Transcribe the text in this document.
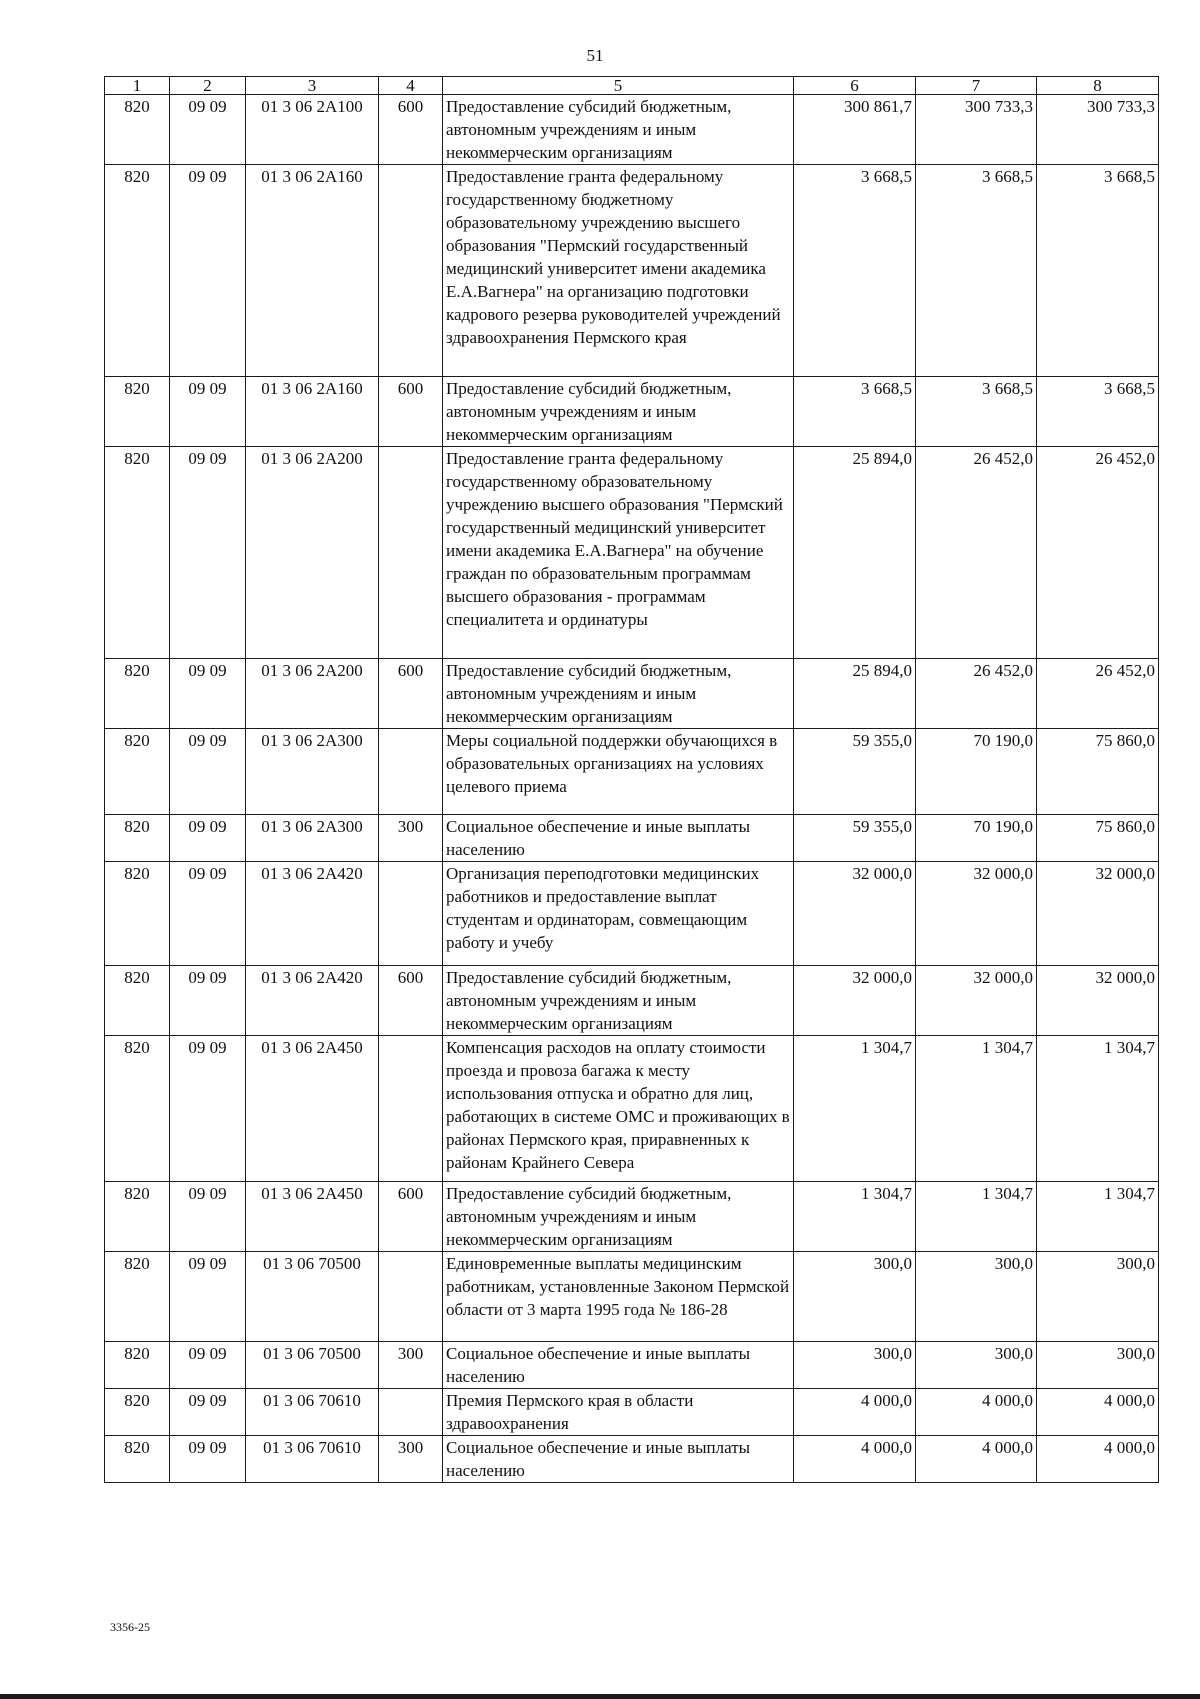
51
1	2	3	4	5	6	7	8
820	09 09	01 3 06 2A100	600	Предоставление субсидий бюджетным, автономным учреждениям и иным некоммерческим организациям	300 861,7	300 733,3	300 733,3
820	09 09	01 3 06 2A160		Предоставление гранта федеральному государственному бюджетному образовательному учреждению высшего образования "Пермский государственный медицинский университет имени академика Е.А.Вагнера" на организацию подготовки кадрового резерва руководителей учреждений здравоохранения Пермского края	3 668,5	3 668,5	3 668,5
820	09 09	01 3 06 2A160	600	Предоставление субсидий бюджетным, автономным учреждениям и иным некоммерческим организациям	3 668,5	3 668,5	3 668,5
820	09 09	01 3 06 2A200		Предоставление гранта федеральному государственному образовательному учреждению высшего образования "Пермский государственный медицинский университет имени академика Е.А.Вагнера" на обучение граждан по образовательным программам высшего образования - программам специалитета и ординатуры	25 894,0	26 452,0	26 452,0
820	09 09	01 3 06 2A200	600	Предоставление субсидий бюджетным, автономным учреждениям и иным некоммерческим организациям	25 894,0	26 452,0	26 452,0
820	09 09	01 3 06 2A300		Меры социальной поддержки обучающихся в образовательных организациях на условиях целевого приема	59 355,0	70 190,0	75 860,0
820	09 09	01 3 06 2A300	300	Социальное обеспечение и иные выплаты населению	59 355,0	70 190,0	75 860,0
820	09 09	01 3 06 2A420		Организация переподготовки медицинских работников и предоставление выплат студентам и ординаторам, совмещающим работу и учебу	32 000,0	32 000,0	32 000,0
820	09 09	01 3 06 2A420	600	Предоставление субсидий бюджетным, автономным учреждениям и иным некоммерческим организациям	32 000,0	32 000,0	32 000,0
820	09 09	01 3 06 2A450		Компенсация расходов на оплату стоимости проезда и провоза багажа к месту использования отпуска и обратно для лиц, работающих в системе ОМС и проживающих в районах Пермского края, приравненных к районам Крайнего Севера	1 304,7	1 304,7	1 304,7
820	09 09	01 3 06 2A450	600	Предоставление субсидий бюджетным, автономным учреждениям и иным некоммерческим организациям	1 304,7	1 304,7	1 304,7
820	09 09	01 3 06 70500		Единовременные выплаты медицинским работникам, установленные Законом Пермской области от 3 марта 1995 года № 186-28	300,0	300,0	300,0
820	09 09	01 3 06 70500	300	Социальное обеспечение и иные выплаты населению	300,0	300,0	300,0
820	09 09	01 3 06 70610		Премия Пермского края в области здравоохранения	4 000,0	4 000,0	4 000,0
820	09 09	01 3 06 70610	300	Социальное обеспечение и иные выплаты населению	4 000,0	4 000,0	4 000,0
3356-25
